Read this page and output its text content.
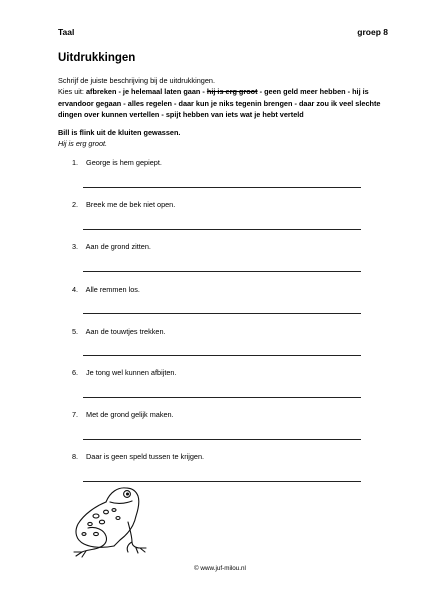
Taal	groep 8
Uitdrukkingen
Schrijf de juiste beschrijving bij de uitdrukkingen.
Kies uit: afbreken - je helemaal laten gaan - hij is erg groot - geen geld meer hebben - hij is ervandoor gegaan - alles regelen - daar kun je niks tegenin brengen - daar zou ik veel slechte dingen over kunnen vertellen - spijt hebben van iets wat je hebt verteld
Bill is flink uit de kluiten gewassen.
Hij is erg groot.
1. George is hem gepiept.
2. Breek me de bek niet open.
3. Aan de grond zitten.
4. Alle remmen los.
5. Aan de touwtjes trekken.
6. Je tong wel kunnen afbijten.
7. Met de grond gelijk maken.
8. Daar is geen speld tussen te krijgen.
© www.juf-milou.nl
